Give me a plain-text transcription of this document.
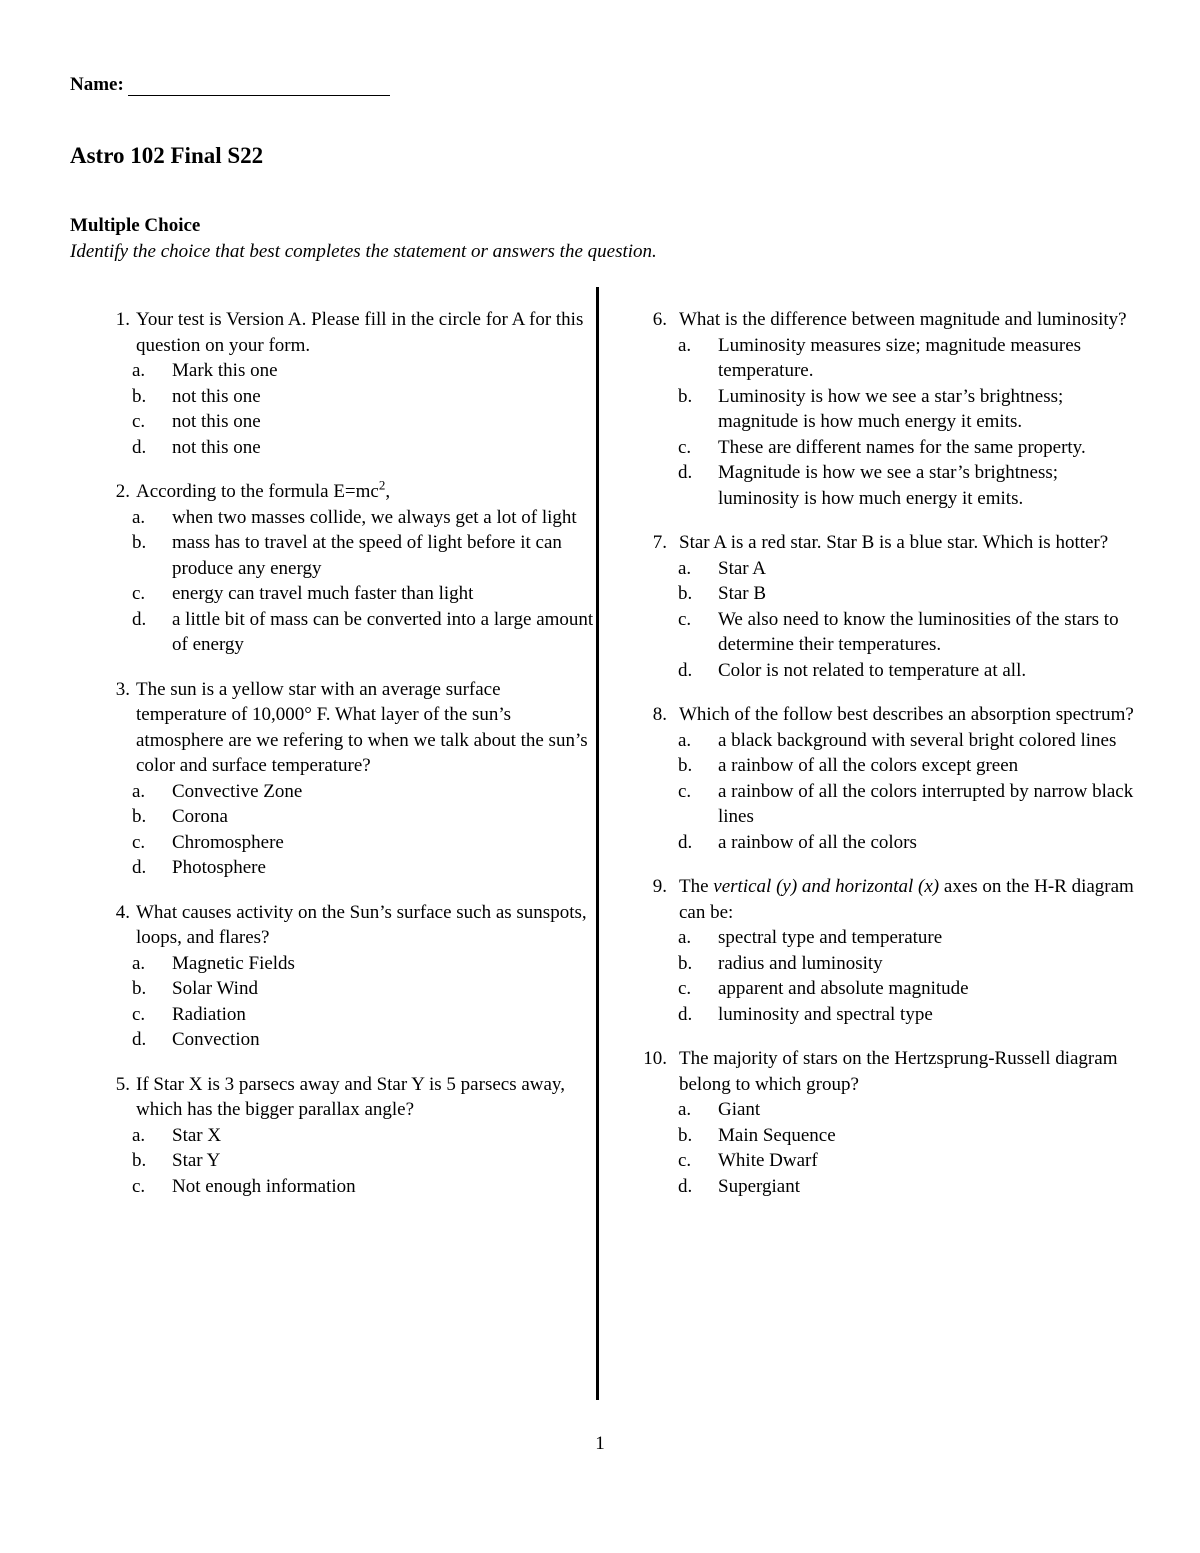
Name:
Astro 102 Final S22
Multiple Choice
Identify the choice that best completes the statement or answers the question.
1. Your test is Version A. Please fill in the circle for A for this question on your form.
a.	Mark this one
b.	not this one
c.	not this one
d.	not this one
2. According to the formula $E=mc^2$,
a.	when two masses collide, we always get a lot of light
b.	mass has to travel at the speed of light before it can produce any energy
c.	energy can travel much faster than light
d.	a little bit of mass can be converted into a large amount of energy
3. The sun is a yellow star with an average surface temperature of 10,000° F. What layer of the sun’s atmosphere are we refering to when we talk about the sun’s color and surface temperature?
a.	Convective Zone
b.	Corona
c.	Chromosphere
d.	Photosphere
4. What causes activity on the Sun’s surface such as sunspots, loops, and flares?
a.	Magnetic Fields
b.	Solar Wind
c.	Radiation
d.	Convection
5. If Star X is 3 parsecs away and Star Y is 5 parsecs away, which has the bigger parallax angle?
a.	Star X
b.	Star Y
c.	Not enough information
6. What is the difference between magnitude and luminosity?
a.	Luminosity measures size; magnitude measures temperature.
b.	Luminosity is how we see a star’s brightness; magnitude is how much energy it emits.
c.	These are different names for the same property.
d.	Magnitude is how we see a star’s brightness; luminosity is how much energy it emits.
7. Star A is a red star. Star B is a blue star. Which is hotter?
a.	Star A
b.	Star B
c.	We also need to know the luminosities of the stars to determine their temperatures.
d.	Color is not related to temperature at all.
8. Which of the follow best describes an absorption spectrum?
a.	a black background with several bright colored lines
b.	a rainbow of all the colors except green
c.	a rainbow of all the colors interrupted by narrow black lines
d.	a rainbow of all the colors
9. The vertical (y) and horizontal (x) axes on the H-R diagram can be:
a.	spectral type and temperature
b.	radius and luminosity
c.	apparent and absolute magnitude
d.	luminosity and spectral type
10. The majority of stars on the Hertzsprung-Russell diagram belong to which group?
a.	Giant
b.	Main Sequence
c.	White Dwarf
d.	Supergiant
1
